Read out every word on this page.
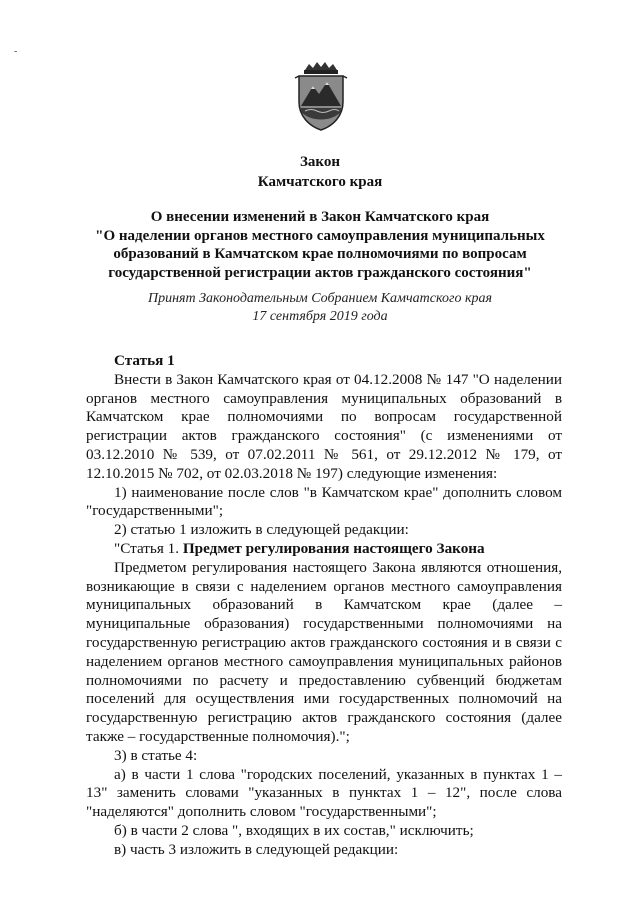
-
Закон
Камчатского края
О внесении изменений в Закон Камчатского края
"О наделении органов местного самоуправления муниципальных
образований в Камчатском крае полномочиями по вопросам
государственной регистрации актов гражданского состояния"
Принят Законодательным Собранием Камчатского края
17 сентября 2019 года

Статья 1

Внести в Закон Камчатского края от 04.12.2008 № 147 "О наделении органов местного самоуправления муниципальных образований в Камчатском крае полномочиями по вопросам государственной регистрации актов гражданского состояния" (с изменениями от 03.12.2010 № 539, от 07.02.2011 № 561, от 29.12.2012 № 179, от 12.10.2015 № 702, от 02.03.2018 № 197) следующие изменения:

1) наименование после слов "в Камчатском крае" дополнить словом "государственными";

2) статью 1 изложить в следующей редакции:

"Статья 1. Предмет регулирования настоящего Закона

Предметом регулирования настоящего Закона являются отношения, возникающие в связи с наделением органов местного самоуправления муниципальных образований в Камчатском крае (далее – муниципальные образования) государственными полномочиями на государственную регистрацию актов гражданского состояния и в связи с наделением органов местного самоуправления муниципальных районов полномочиями по расчету и предоставлению субвенций бюджетам поселений для осуществления ими государственных полномочий на государственную регистрацию актов гражданского состояния (далее также – государственные полномочия).";

3) в статье 4:

а) в части 1 слова "городских поселений, указанных в пунктах 1 – 13" заменить словами "указанных в пунктах 1 – 12", после слова "наделяются" дополнить словом "государственными";

б) в части 2 слова ", входящих в их состав," исключить;

в) часть 3 изложить в следующей редакции:
